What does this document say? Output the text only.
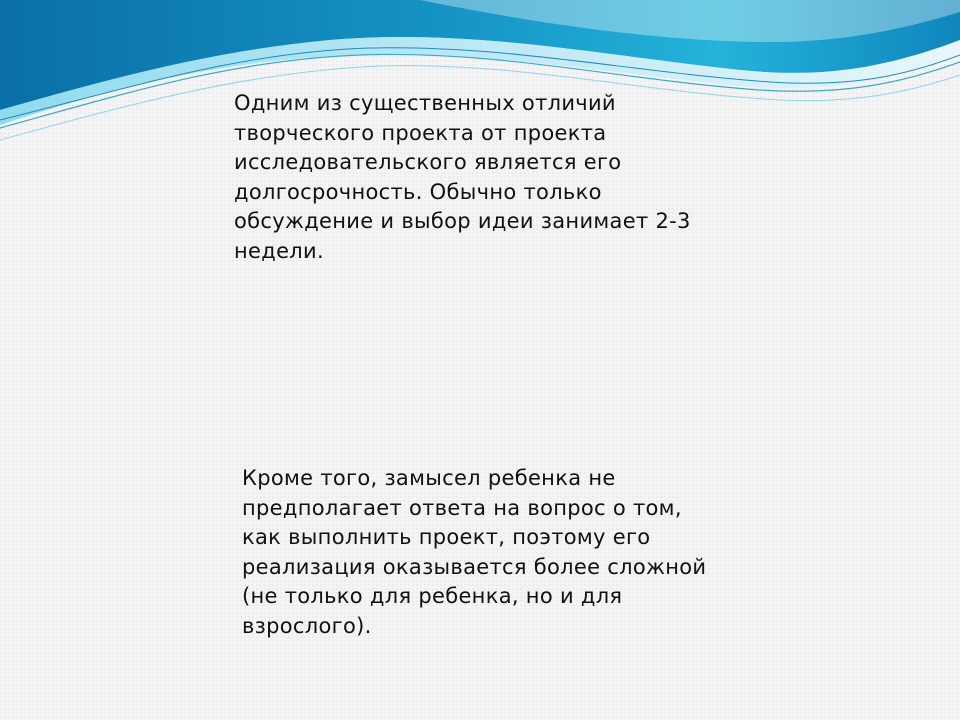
Одним из существенных отличий творческого проекта от проекта исследовательского является его долгосрочность. Обычно только обсуждение и выбор идеи занимает 2-3 недели.

Кроме того, замысел ребенка не предполагает ответа на вопрос о том, как выполнить проект, поэтому его реализация оказывается более сложной (не только для ребенка, но и для взрослого).
